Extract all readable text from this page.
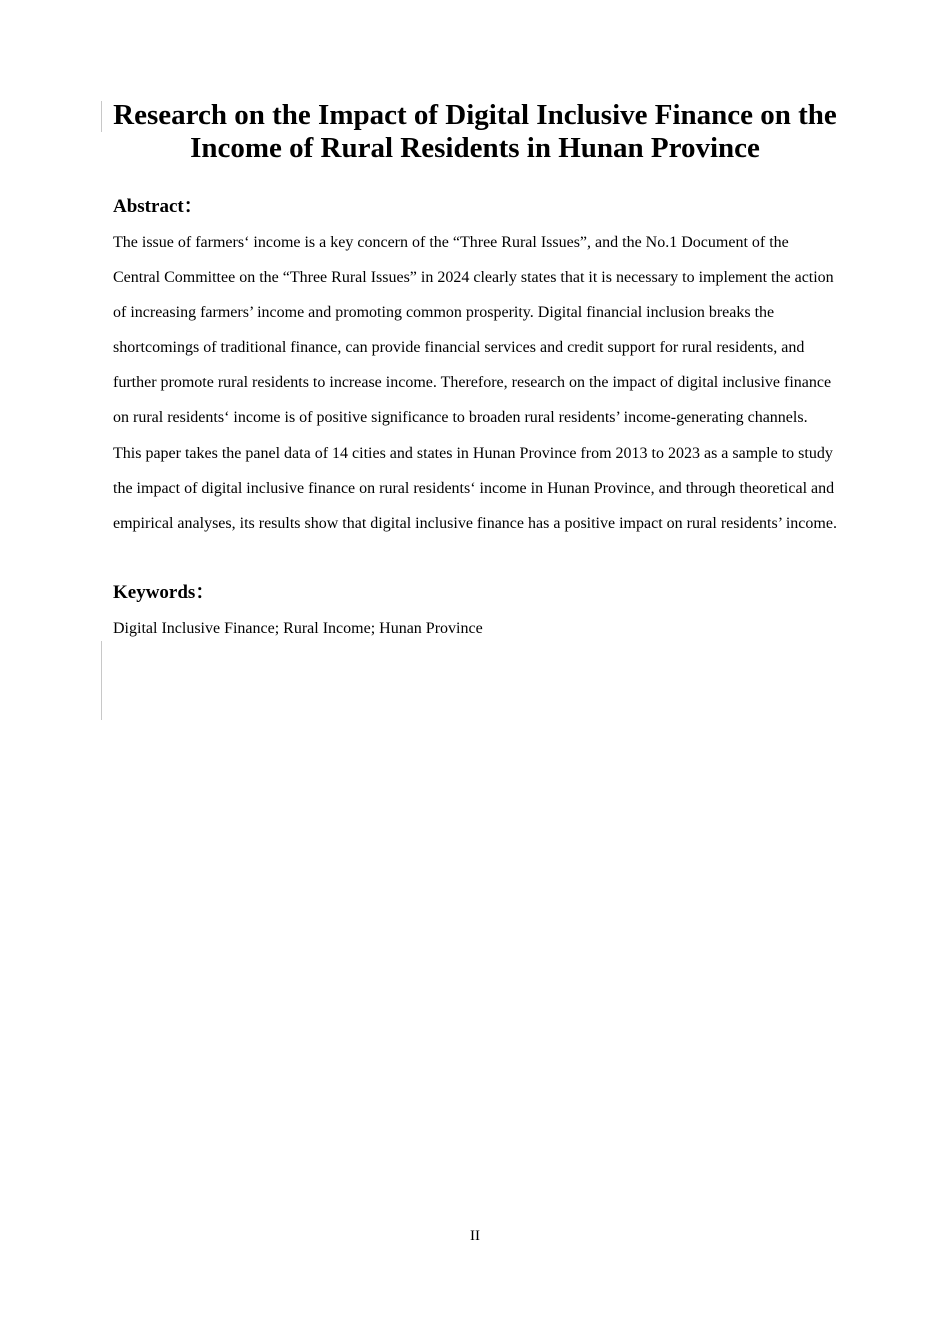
Research on the Impact of Digital Inclusive Finance on the Income of Rural Residents in Hunan Province
Abstract：

The issue of farmers‘ income is a key concern of the “Three Rural Issues”, and the No.1 Document of the Central Committee on the “Three Rural Issues” in 2024 clearly states that it is necessary to implement the action of increasing farmers’ income and promoting common prosperity. Digital financial inclusion breaks the shortcomings of traditional finance, can provide financial services and credit support for rural residents, and further promote rural residents to increase income. Therefore, research on the impact of digital inclusive finance on rural residents‘ income is of positive significance to broaden rural residents’ income-generating channels. This paper takes the panel data of 14 cities and states in Hunan Province from 2013 to 2023 as a sample to study the impact of digital inclusive finance on rural residents‘ income in Hunan Province, and through theoretical and empirical analyses, its results show that digital inclusive finance has a positive impact on rural residents’ income.

Keywords：

Digital Inclusive Finance; Rural Income; Hunan Province

II
